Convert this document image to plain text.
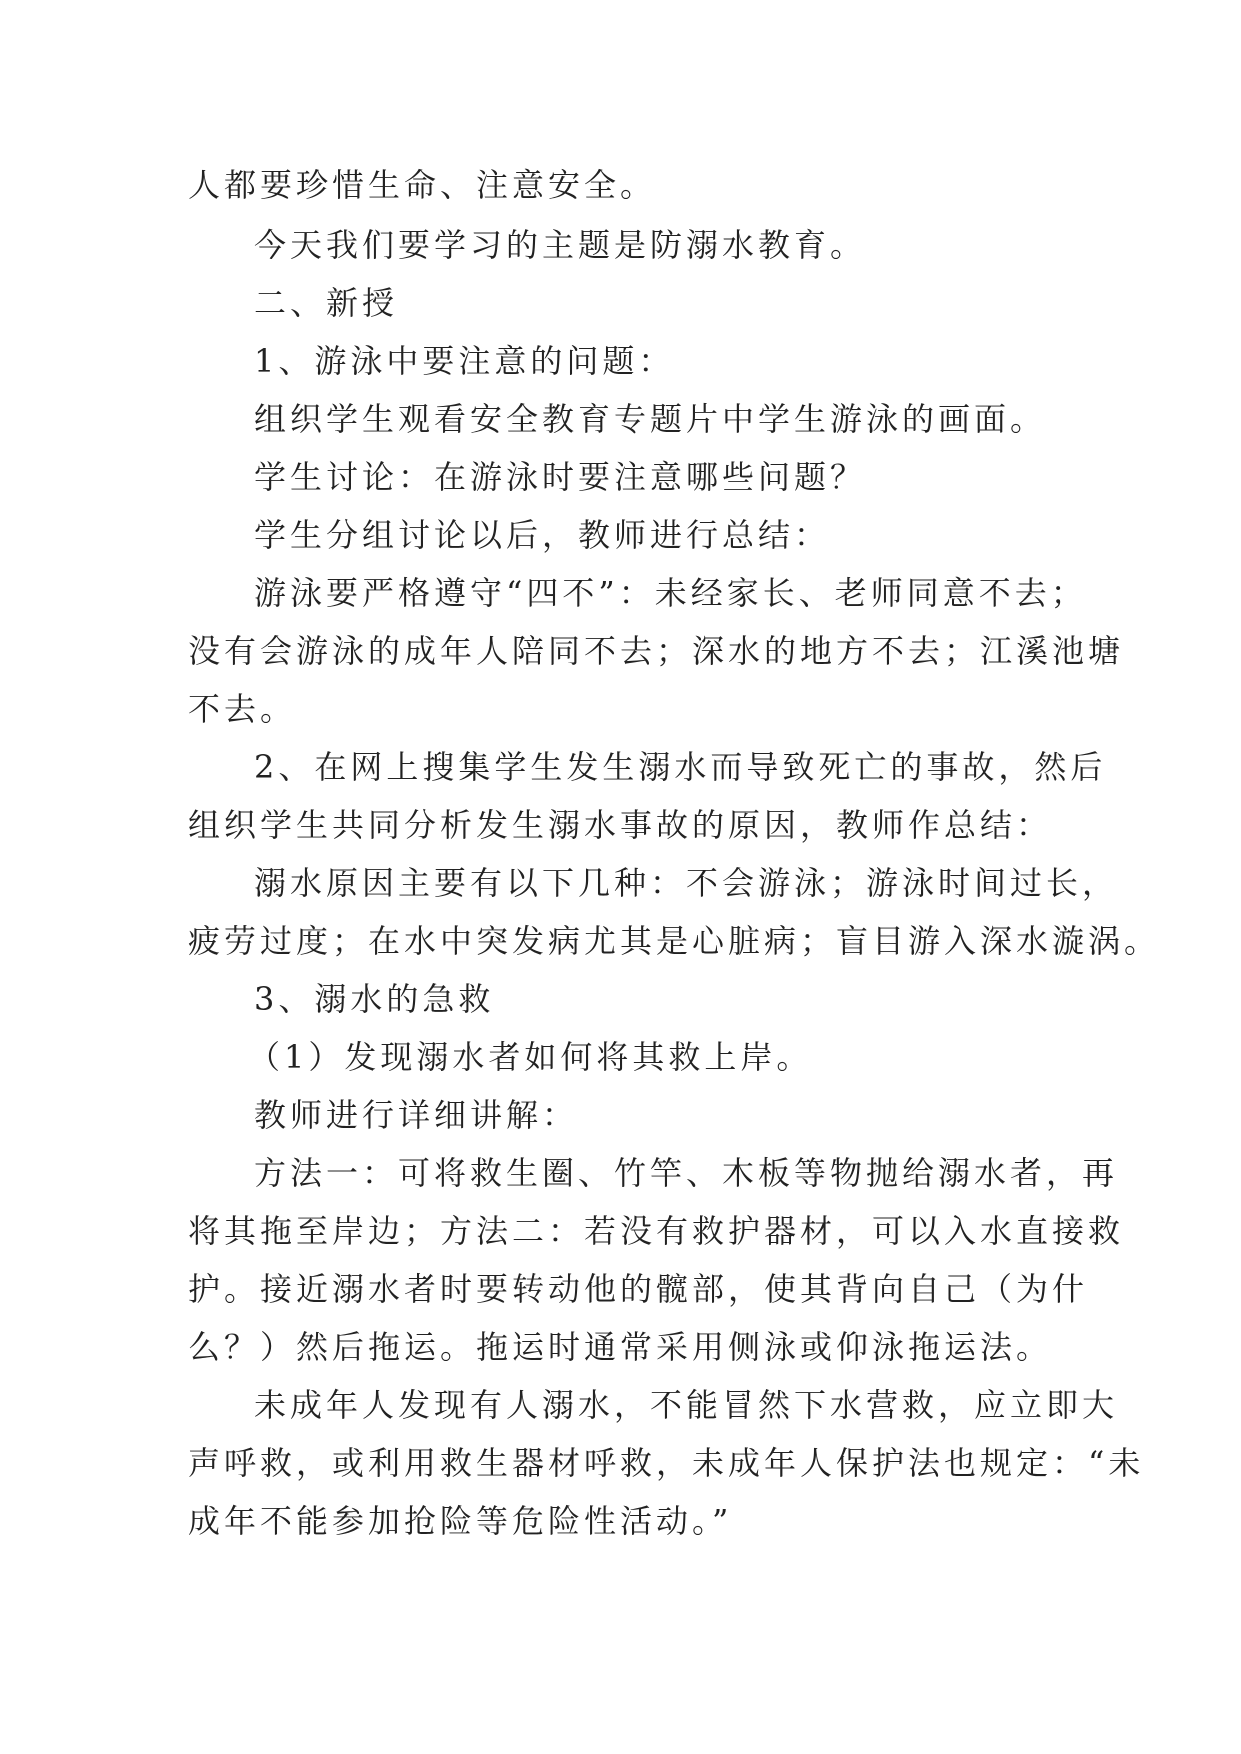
人都要珍惜生命、注意安全。
今天我们要学习的主题是防溺水教育。
二、新授
1、游泳中要注意的问题：
组织学生观看安全教育专题片中学生游泳的画面。
学生讨论：在游泳时要注意哪些问题？
学生分组讨论以后，教师进行总结：
游泳要严格遵守“四不”：未经家长、老师同意不去；
没有会游泳的成年人陪同不去；深水的地方不去；江溪池塘
不去。
2、在网上搜集学生发生溺水而导致死亡的事故，然后
组织学生共同分析发生溺水事故的原因，教师作总结：
溺水原因主要有以下几种：不会游泳；游泳时间过长，
疲劳过度；在水中突发病尤其是心脏病；盲目游入深水漩涡。
3、溺水的急救
（1）发现溺水者如何将其救上岸。
教师进行详细讲解：
方法一：可将救生圈、竹竿、木板等物抛给溺水者，再
将其拖至岸边；方法二：若没有救护器材，可以入水直接救
护。接近溺水者时要转动他的髋部，使其背向自己（为什
么？）然后拖运。拖运时通常采用侧泳或仰泳拖运法。
未成年人发现有人溺水，不能冒然下水营救，应立即大
声呼救，或利用救生器材呼救，未成年人保护法也规定：“未
成年不能参加抢险等危险性活动。”
